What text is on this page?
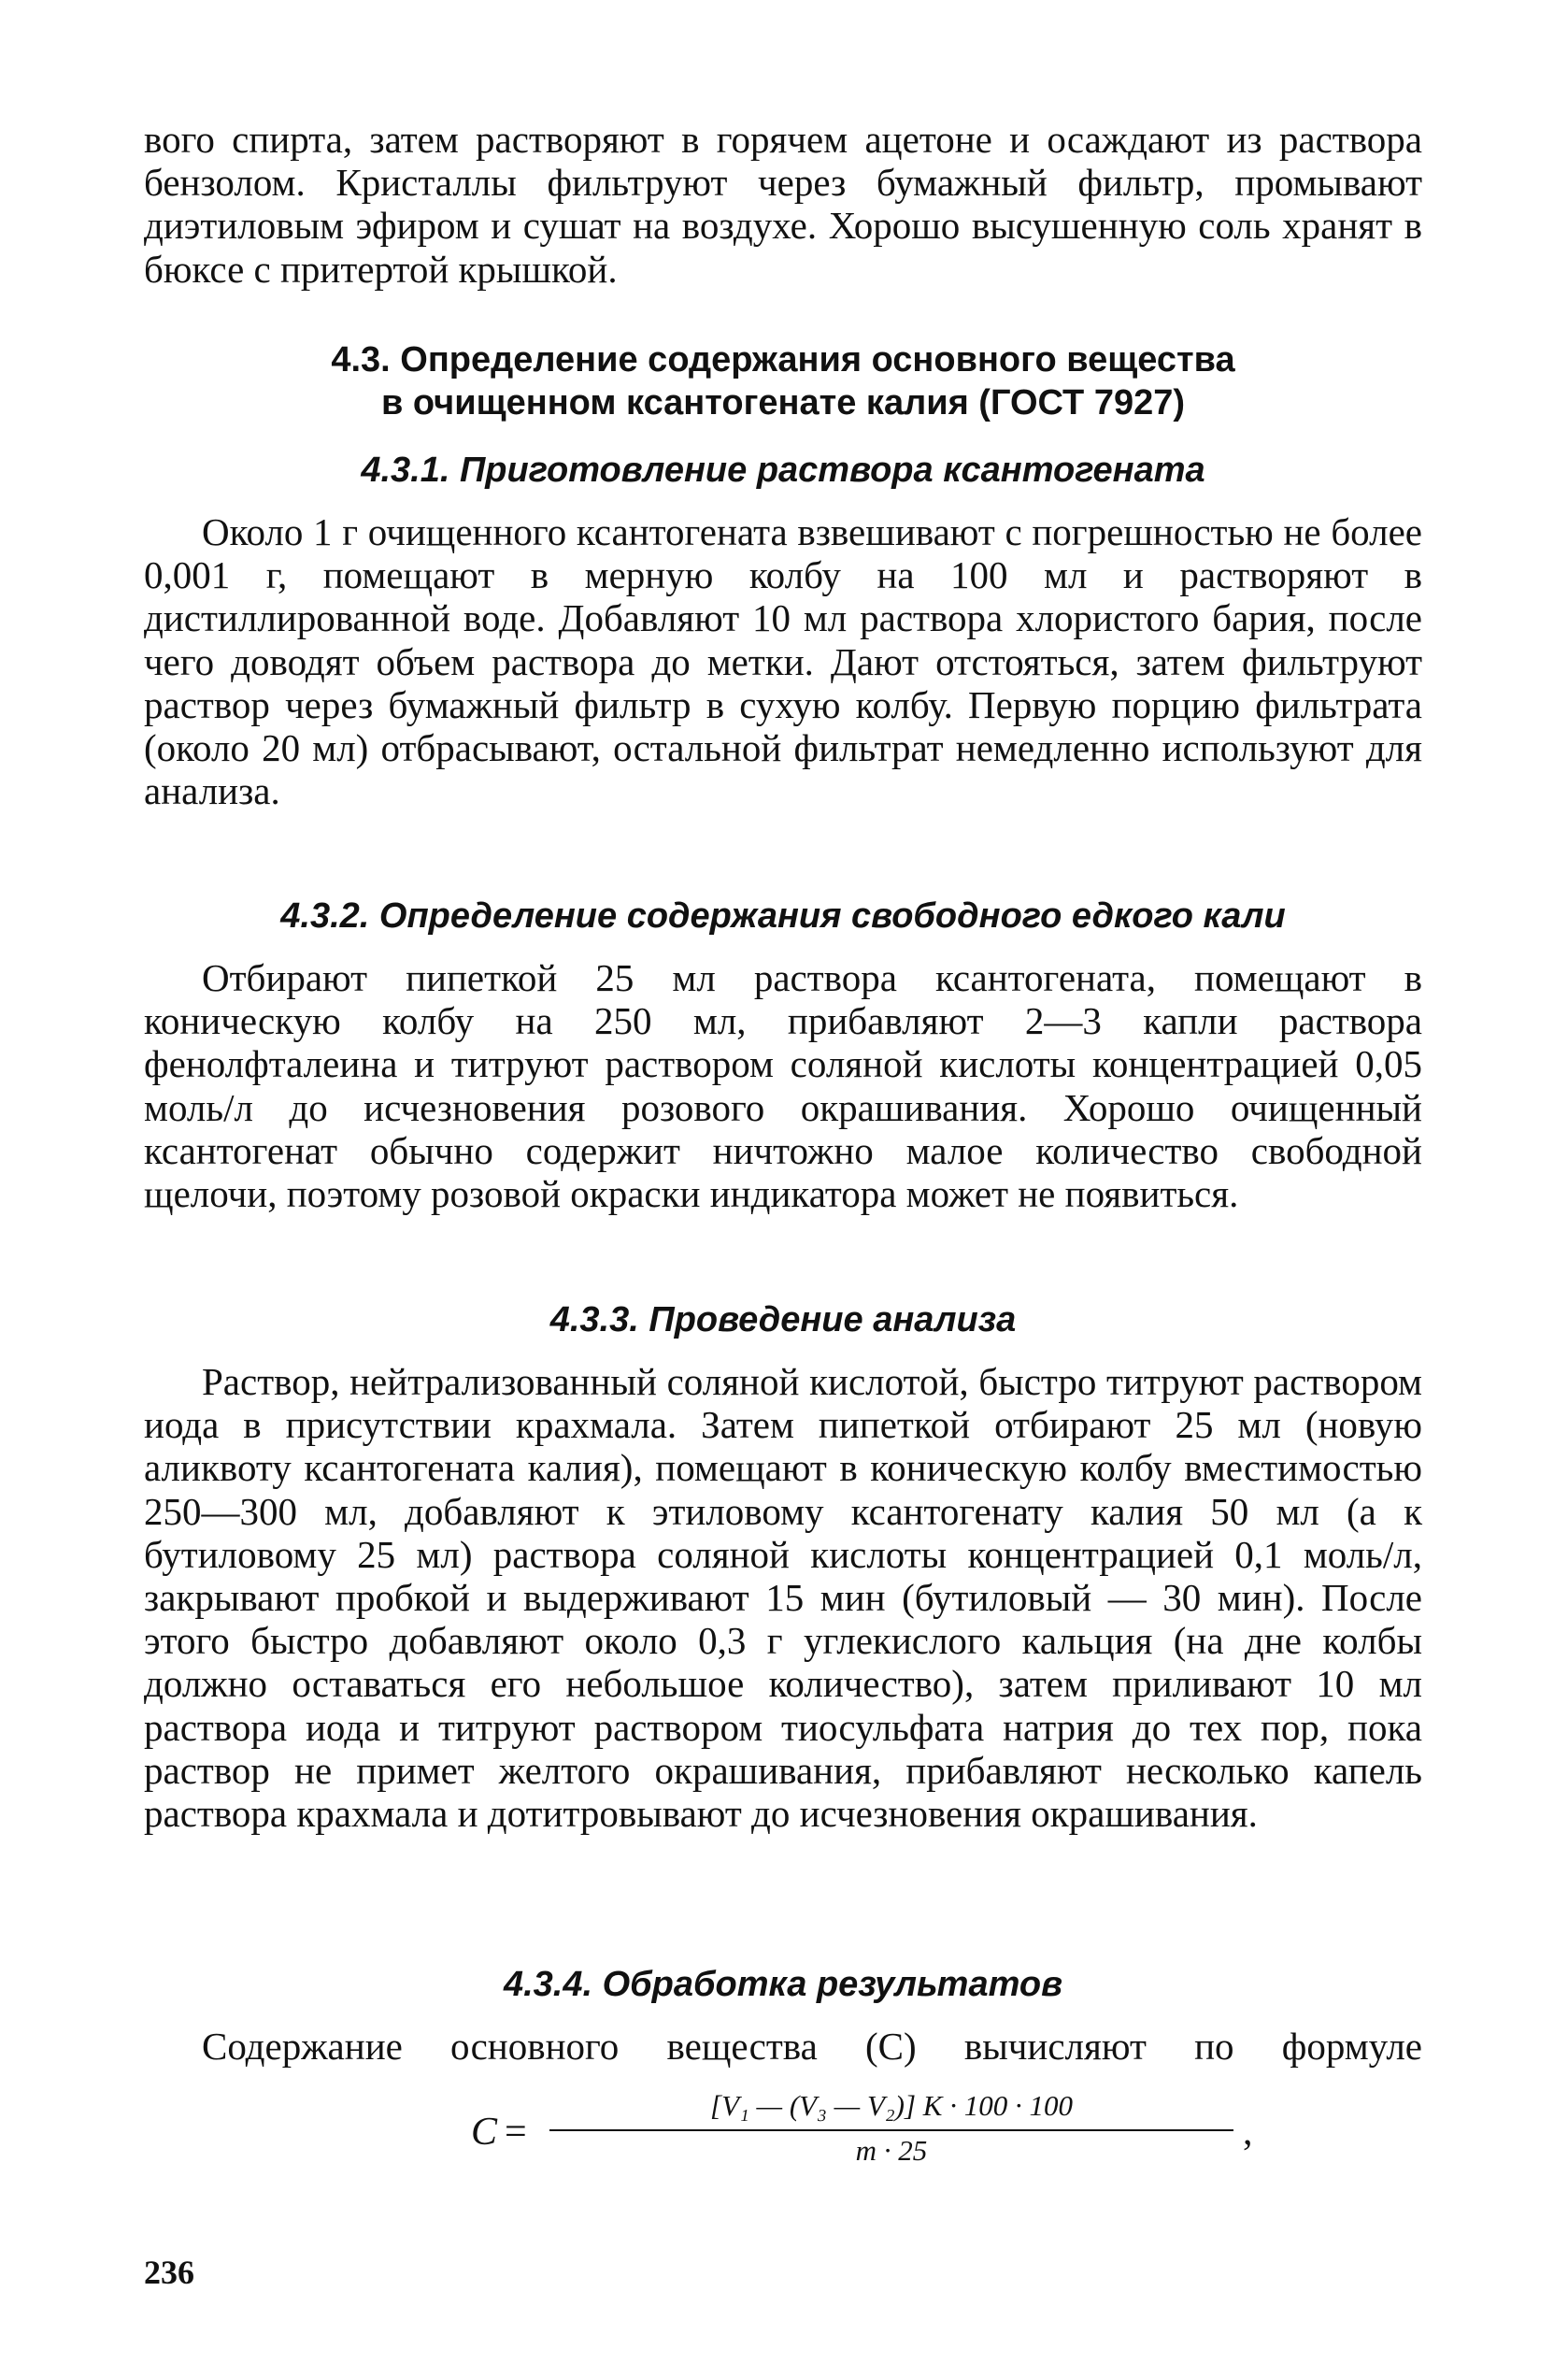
вого спирта, затем растворяют в горячем ацетоне и осаждают из раствора бензолом. Кристаллы фильтруют через бумажный фильтр, промывают диэтиловым эфиром и сушат на воздухе. Хорошо высушенную соль хранят в бюксе с притертой крышкой.

4.3. Определение содержания основного вещества
в очищенном ксантогенате калия (ГОСТ 7927)
4.3.1. Приготовление раствора ксантогената

Около 1 г очищенного ксантогената взвешивают с погрешностью не более 0,001 г, помещают в мерную колбу на 100 мл и растворяют в дистиллированной воде. Добавляют 10 мл раствора хлористого бария, после чего доводят объем раствора до метки. Дают отстояться, затем фильтруют раствор через бумажный фильтр в сухую колбу. Первую порцию фильтрата (около 20 мл) отбрасывают, остальной фильтрат немедленно используют для анализа.

4.3.2. Определение содержания свободного едкого кали

Отбирают пипеткой 25 мл раствора ксантогената, помещают в коническую колбу на 250 мл, прибавляют 2—3 капли раствора фенолфталеина и титруют раствором соляной кислоты концентрацией 0,05 моль/л до исчезновения розового окрашивания. Хорошо очищенный ксантогенат обычно содержит ничтожно малое количество свободной щелочи, поэтому розовой окраски индикатора может не появиться.

4.3.3. Проведение анализа

Раствор, нейтрализованный соляной кислотой, быстро титруют раствором иода в присутствии крахмала. Затем пипеткой отбирают 25 мл (новую аликвоту ксантогената калия), помещают в коническую колбу вместимостью 250—300 мл, добавляют к этиловому ксантогенату калия 50 мл (а к бутиловому 25 мл) раствора соляной кислоты концентрацией 0,1 моль/л, закрывают пробкой и выдерживают 15 мин (бутиловый — 30 мин). После этого быстро добавляют около 0,3 г углекислого кальция (на дне колбы должно оставаться его небольшое количество), затем приливают 10 мл раствора иода и титруют раствором тиосульфата натрия до тех пор, пока раствор не примет желтого окрашивания, прибавляют несколько капель раствора крахмала и дотитровывают до исчезновения окрашивания.

4.3.4. Обработка результатов

Содержание основного вещества (C) вычисляют по формуле

C =
[V₁ — (V₃ — V₂)] K · 100 · 100
m · 25	,
236
